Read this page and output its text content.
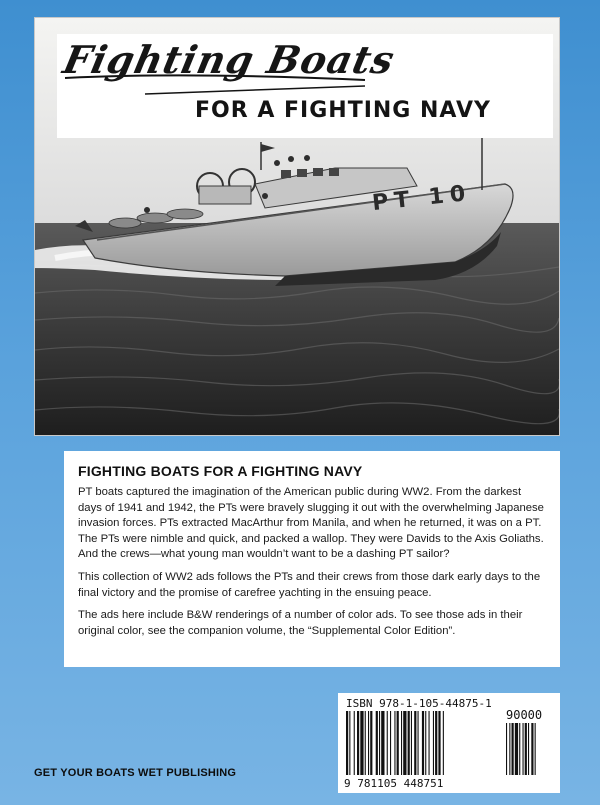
Fighting Boats
FOR A FIGHTING NAVY
PT 10
FIGHTING BOATS FOR A FIGHTING NAVY

PT boats captured the imagination of the American public during WW2. From the darkest days of 1941 and 1942, the PTs were bravely slugging it out with the overwhelming Japanese invasion forces. PTs extracted MacArthur from Manila, and when he returned, it was on a PT. The PTs were nimble and quick, and packed a wallop. They were Davids to the Axis Goliaths. And the crews—what young man wouldn’t want to be a dashing PT sailor?

This collection of WW2 ads follows the PTs and their crews from those dark early days to the final victory and the promise of carefree yachting in the ensuing peace.

The ads here include B&W renderings of a number of color ads. To see those ads in their original color, see the companion volume, the “Supplemental Color Edition”.

ISBN 978-1-105-44875-1
90000
9 781105 448751
GET YOUR BOATS WET PUBLISHING
